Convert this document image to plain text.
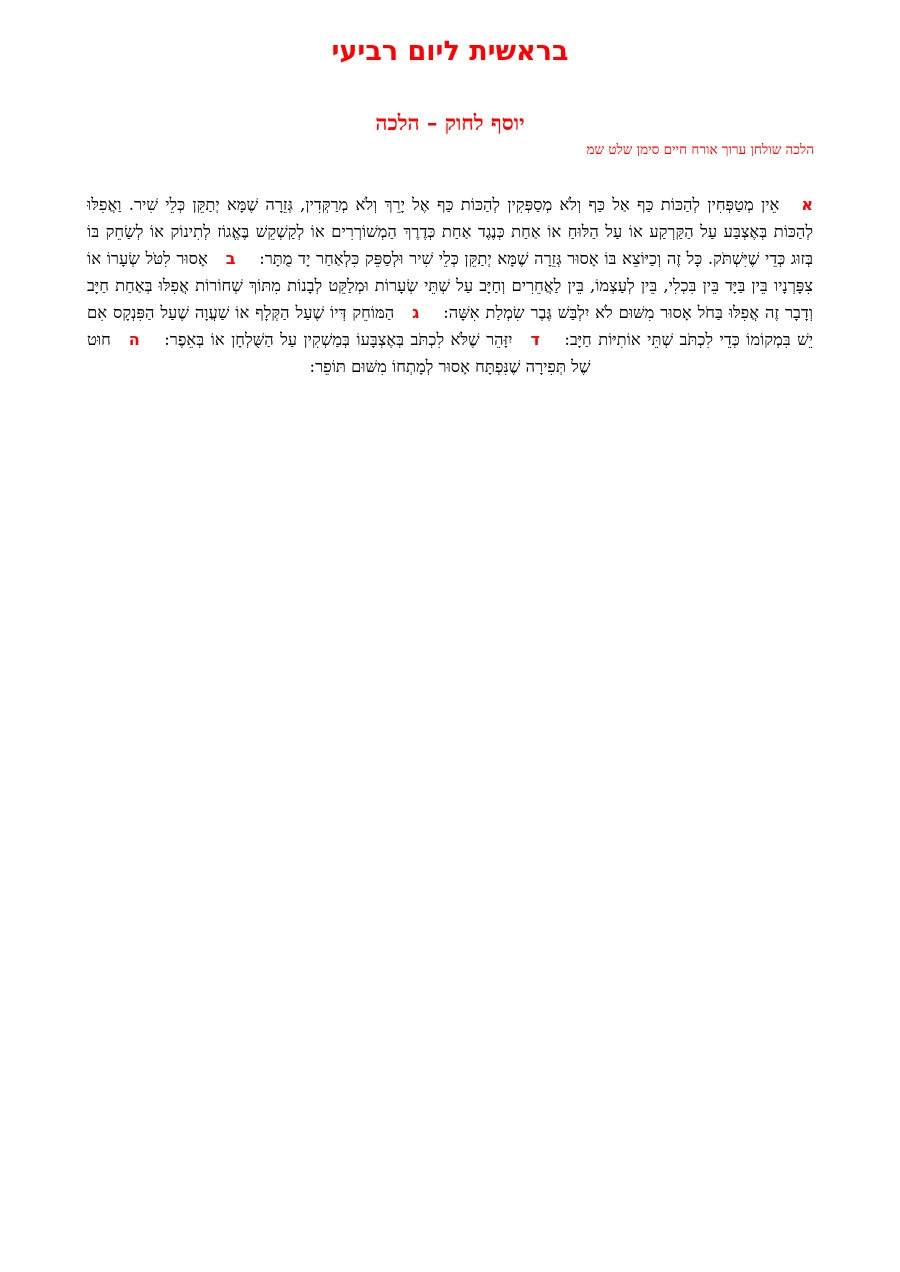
בראשית ליום רביעי
יוסף לחוק – הלכה
הלכה שולחן ערוך אורח חיים סימן שלט שמ
אאֵין מְטַפְּחִין לְהַכּוֹת כַּף אַל כַּף וְלֹא מְסַפְּקִין לְהַכּוֹת כַּף אֶל יָרֵךְ וְלֹא מְרַקְּדִין, גְּזֵרָה שֶׁמָּא יְתַקֵּן כְּלֵי שִׁיר. וַאֲפִלּוּ לְהַכּוֹת בְּאֶצְבַּע עַל הַקַּרְקַע אוֹ עַל הַלּוּחַ אוֹ אַחַת כְּנֶגֶד אַחַת כְּדֶרֶךְ הַמְשׁוֹרְרִים אוֹ לְקַשְׁקֵשׁ בֶּאֱגוֹז לְתִינוֹק אוֹ לְשַׂחֵק בּוֹ בְּזוּג כְּדֵי שֶׁיִּשְׁתֹּק. כָּל זֶה וְכַיּוֹצֵא בּוֹ אָסוּר גְּזֵרָה שֶׁמָּא יְתַקֵּן כְּלֵי שִׁיר וּלְסַפֵּק כִּלְאַחַר יָד מֻתָּר: באָסוּר לִטֹּל שְׂעָרוֹ אוֹ צִפָּרְנָיו בֵּין בַּיָּד בֵּין בִּכְלִי, בֵּין לְעַצְמוֹ, בֵּין לַאֲחֵרִים וְחַיָּב עַל שְׁתֵּי שְׂעָרוֹת וּמְלַקֵּט לְבָנוֹת מִתּוֹךְ שְׁחוֹרוֹת אֲפִלּוּ בְּאַחַת חַיָּב וְדָבָר זֶה אֲפִלּוּ בַּחֹל אָסוּר מִשּׁוּם לֹא יִלְבַּשׁ גֶּבֶר שִׂמְלַת אִשָּׁה: גהַמּוֹחֵק דְּיוֹ שֶׁעַל הַקְּלָף אוֹ שַׁעֲוָה שֶׁעַל הַפִּנְקָס אִם יֵשׁ בִּמְקוֹמוֹ כְּדֵי לִכְתֹּב שְׁתֵּי אוֹתִיּוֹת חַיָּב: דיִזָּהֵר שֶׁלֹּא לִכְתֹּב בְּאֶצְבָּעוֹ בְּמַשְׁקִין עַל הַשֻּׁלְחָן אוֹ בְּאֵפֶר: החוּט שֶׁל תְּפִירָה שֶׁנִּפְתָּח אָסוּר לְמָתְחוֹ מִשּׁוּם תּוֹפֵר:
